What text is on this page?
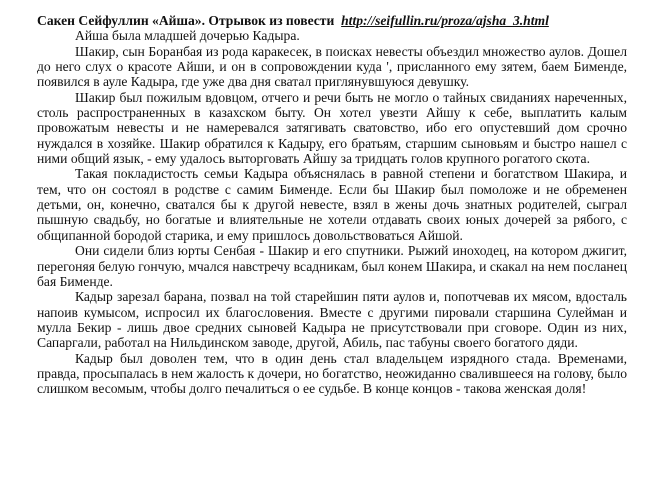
Сакен Сейфуллин «Айша». Отрывок из повести http://seifullin.ru/proza/ajsha_3.html

Айша была младшей дочерью Кадыра.

Шакир, сын Боранбая из рода каракесек, в поисках невесты объездил множество аулов. Дошел до него слух о красоте Айши, и он в сопровождении куда ', присланного ему зятем, баем Бименде, появился в ауле Кадыра, где уже два дня сватал приглянувшуюся девушку.

Шакир был пожилым вдовцом, отчего и речи быть не могло о тайных свиданиях нареченных, столь распространенных в казахском быту. Он хотел увезти Айшу к себе, выплатить калым провожатым невесты и не намеревался затягивать сватовство, ибо его опустевший дом срочно нуждался в хозяйке. Шакир обратился к Кадыру, его братьям, старшим сыновьям и быстро нашел с ними общий язык, - ему удалось выторговать Айшу за тридцать голов крупного рогатого скота.

Такая покладистость семьи Кадыра объяснялась в равной степени и богатством Шакира, и тем, что он состоял в родстве с самим Бименде. Если бы Шакир был помоложе и не обременен детьми, он, конечно, сватался бы к другой невесте, взял в жены дочь знатных родителей, сыграл пышную свадьбу, но богатые и влиятельные не хотели отдавать своих юных дочерей за рябого, с общипанной бородой старика, и ему пришлось довольствоваться Айшой.

Они сидели близ юрты Сенбая - Шакир и его спутники. Рыжий иноходец, на котором джигит, перегоняя белую гончую, мчался навстречу всадникам, был конем Шакира, и скакал на нем посланец бая Бименде.

Кадыр зарезал барана, позвал на той старейшин пяти аулов и, попотчевав их мясом, вдосталь напоив кумысом, испросил их благословения. Вместе с другими пировали старшина Сулейман и мулла Бекир - лишь двое средних сыновей Кадыра не присутствовали при сговоре. Один из них, Сапаргали, работал на Нильдинском заводе, другой, Абиль, пас табуны своего богатого дяди.

Кадыр был доволен тем, что в один день стал владельцем изрядного стада. Временами, правда, просыпалась в нем жалость к дочери, но богатство, неожиданно свалившееся на голову, было слишком весомым, чтобы долго печалиться о ее судьбе. В конце концов - такова женская доля!
